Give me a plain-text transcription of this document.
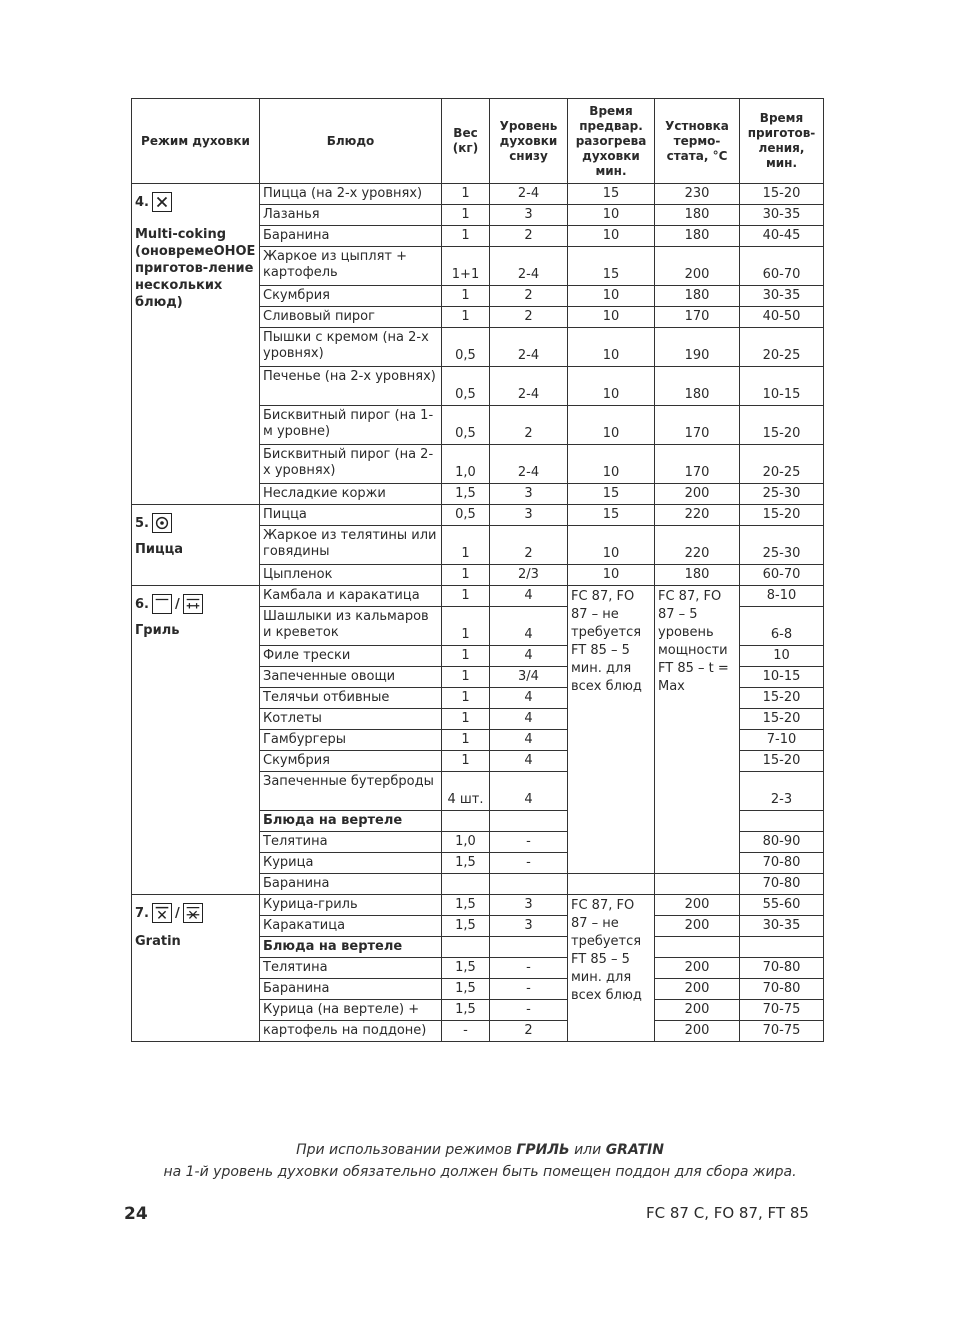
Режим духовки	Блюдо	Вес (кг)	Уровень духовки снизу	Время предвар. разогрева духовки мин.	Устновка термо-стата, °C	Время приготов-ления, мин.

4.
Multi-coking (оновремеОНОЕ приготов-ление нескольких блюд)	Пицца (на 2-х уровнях)	1	2-4	15	230	15-20
	Лазанья	1	3	10	180	30-35
	Баранина	1	2	10	180	40-45
	Жаркое из цыплят + картофель	1+1	2-4	15	200	60-70
	Скумбрия	1	2	10	180	30-35
	Сливовый пирог	1	2	10	170	40-50
	Пышки с кремом (на 2-х уровнях)	0,5	2-4	10	190	20-25
	Печенье (на 2-х уровнях)	0,5	2-4	10	180	10-15
	Бисквитный пирог (на 1-м уровне)	0,5	2	10	170	15-20
	Бисквитный пирог (на 2-х уровнях)	1,0	2-4	10	170	20-25
	Несладкие коржи	1,5	3	15	200	25-30

5.
Пицца	Пицца	0,5	3	15	220	15-20
	Жаркое из телятины или говядины	1	2	10	220	25-30
	Цыпленок	1	2/3	10	180	60-70

6. /
Гриль	Камбала и каракатица	1	4	FC 87, FO 87 – не требуется FT 85 – 5 мин. для всех блюд	FC 87, FO 87 – 5 уровень мощности FT 85 – t = Max	8-10
	Шашлыки из кальмаров и креветок	1	4			6-8
	Филе трески	1	4			10
	Запеченные овощи	1	3/4			10-15
	Телячьи отбивные	1	4			15-20
	Котлеты	1	4			15-20
	Гамбургеры	1	4			7-10
	Скумбрия	1	4			15-20
	Запеченные бутерброды	4 шт.	4			2-3
	Блюда на вертеле					
	Телятина	1,0	-			80-90
	Курица	1,5	-			70-80
	Баранина					70-80

7. /
Gratin	Курица-гриль	1,5	3	FC 87, FO 87 – не требуется FT 85 – 5 мин. для всех блюд	200	55-60
	Каракатица	1,5	3		200	30-35
	Блюда на вертеле					
	Телятина	1,5	-		200	70-80
	Баранина	1,5	-		200	70-80
	Курица (на вертеле) +	1,5	-		200	70-75
	картофель на поддоне)	-	2		200	70-75
При использовании режимов ГРИЛЬ или GRATIN
на 1-й уровень духовки обязательно должен быть помещен поддон для сбора жира.
24	FC 87 C, FO 87, FT 85
